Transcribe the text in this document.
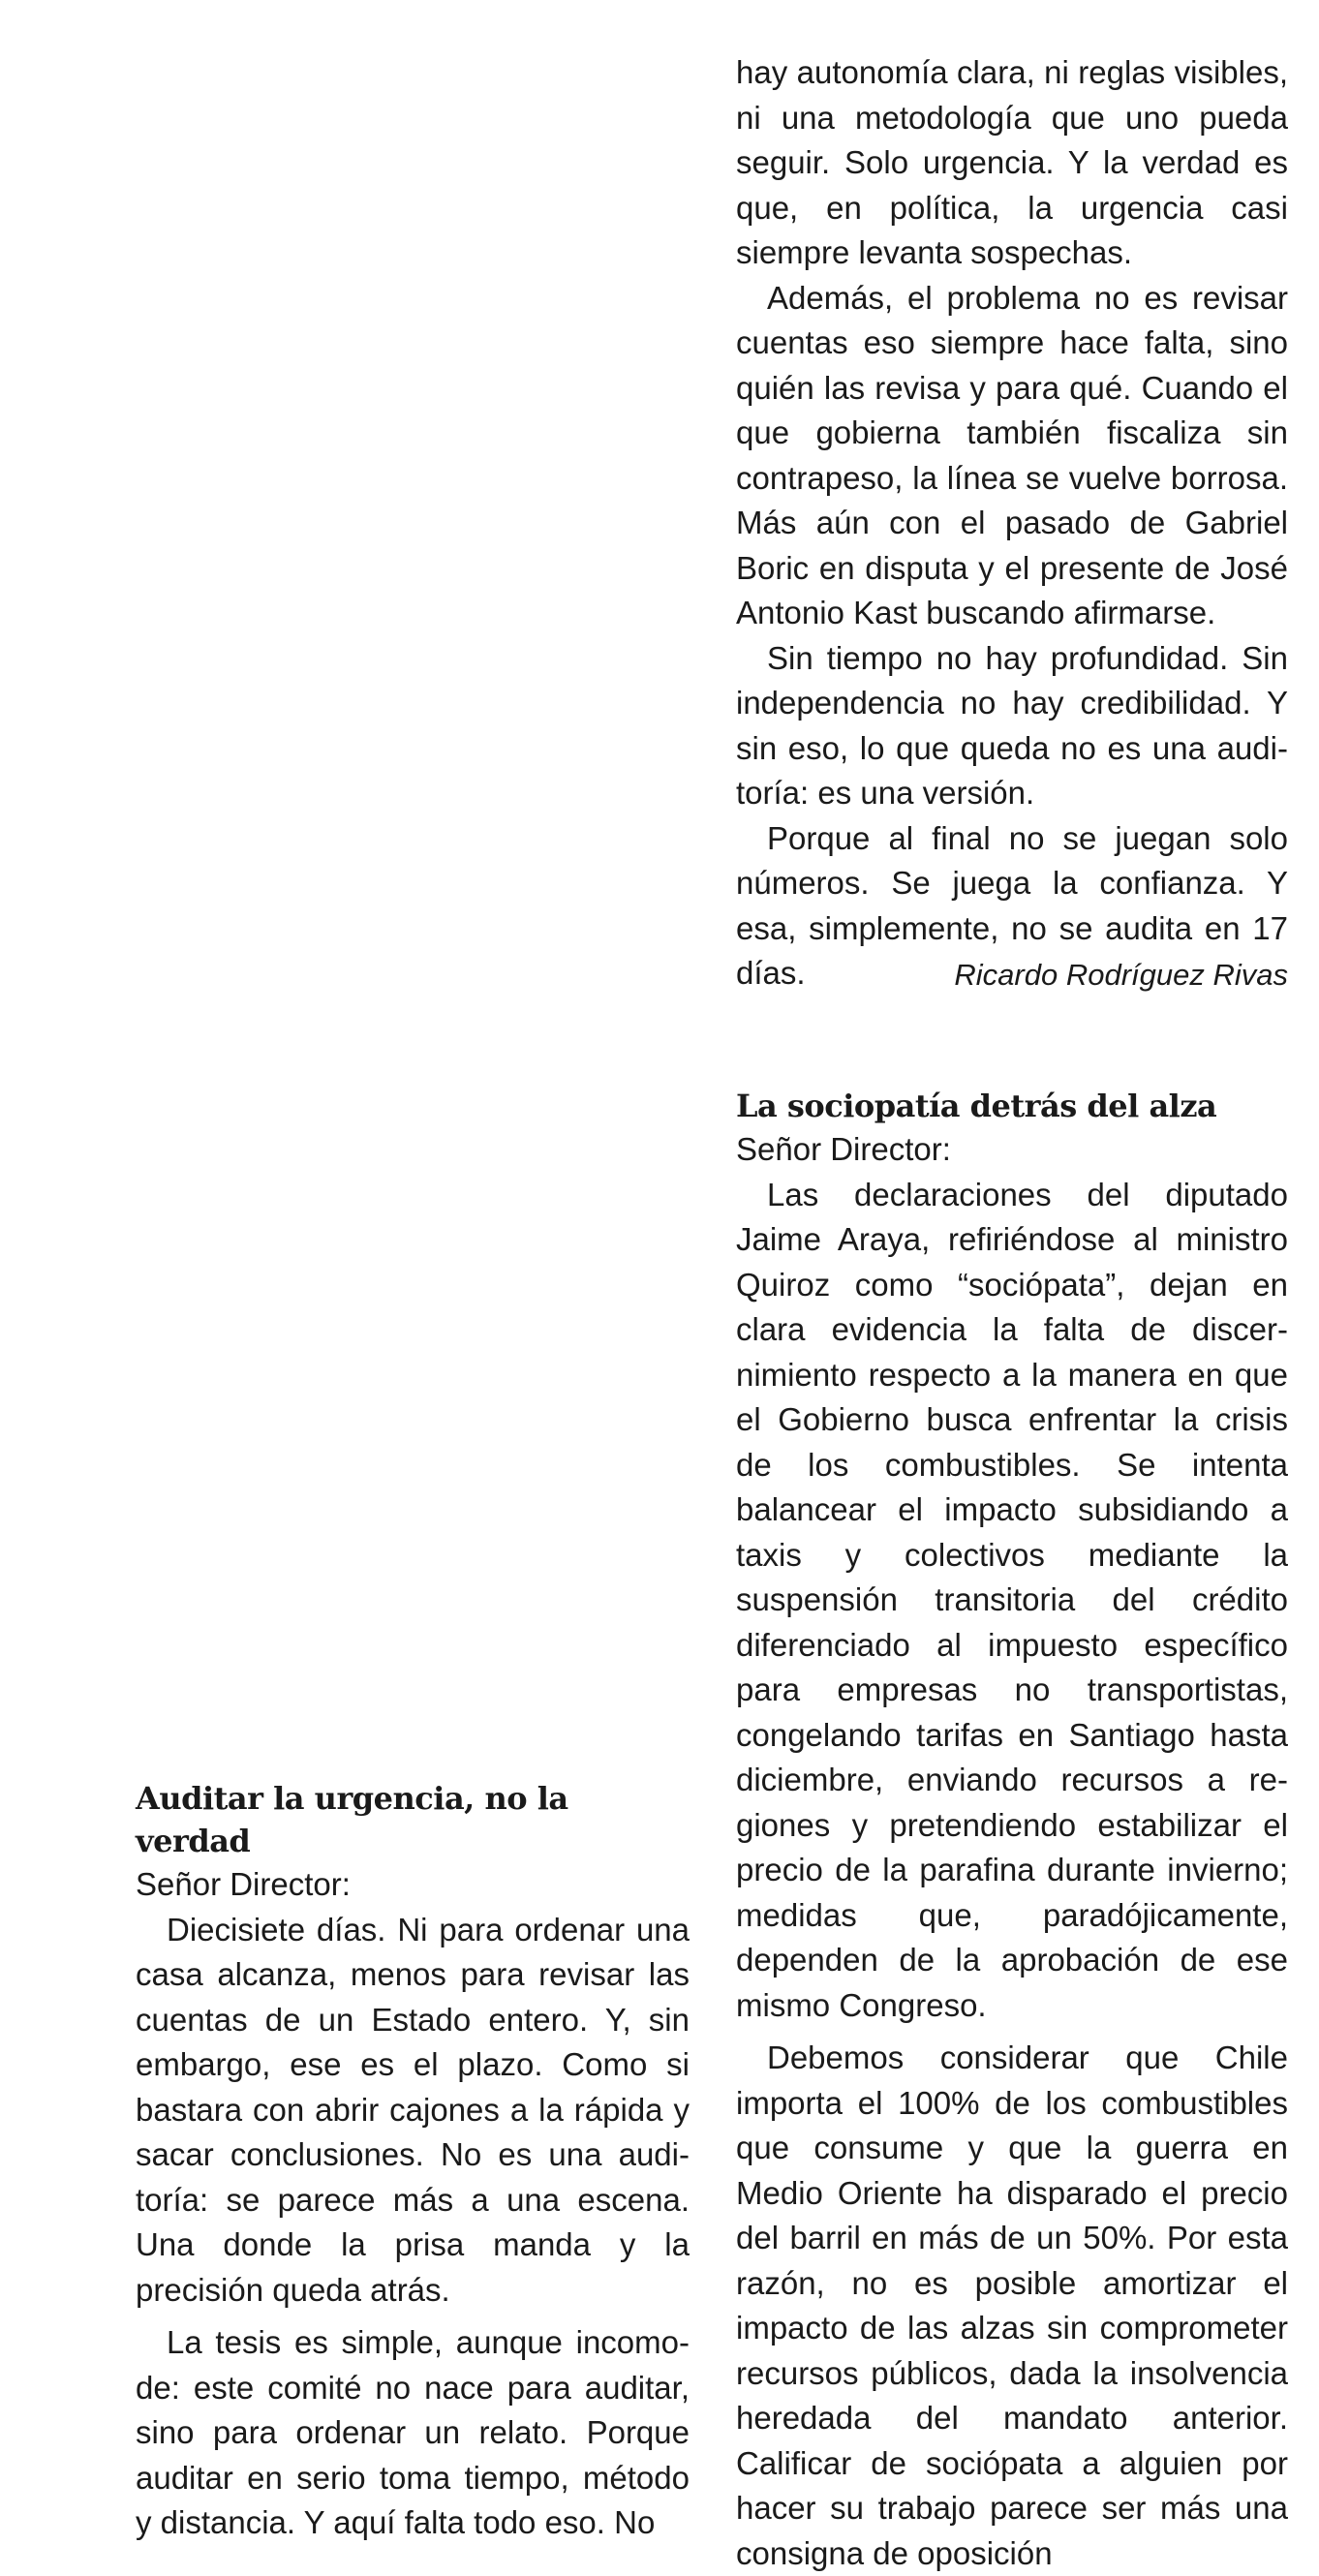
hay autonomía clara, ni reglas visibles, ni una metodología que uno pueda seguir. Solo urgencia. Y la verdad es que, en política, la urgencia casi siempre levanta sospechas.

Además, el problema no es revisar cuentas eso siempre hace falta, sino quién las revisa y para qué. Cuando el que gobierna también fiscaliza sin contrapeso, la línea se vuelve borrosa. Más aún con el pasado de Gabriel Boric en disputa y el presente de José Antonio Kast buscando afirmarse.

Sin tiempo no hay profundidad. Sin independencia no hay credibilidad. Y sin eso, lo que queda no es una auditoría: es una versión.

Porque al final no se juegan solo números. Se juega la confianza. Y esa, simplemente, no se audita en 17 días.	Ricardo Rodríguez Rivas
La sociopatía detrás del alza
Señor Director:

Las declaraciones del diputado Jaime Araya, refiriéndose al ministro Quiroz como “sociópata”, dejan en clara evidencia la falta de discernimiento respecto a la manera en que el Gobierno busca enfrentar la crisis de los combustibles. Se intenta balancear el impacto subsidiando a taxis y colectivos mediante la suspensión transitoria del crédito diferenciado al impuesto específico para empresas no transportistas, congelando tarifas en Santiago hasta diciembre, enviando recursos a regiones y pretendiendo estabilizar el precio de la parafina durante invierno; medidas que, paradójicamente, dependen de la aprobación de ese mismo Congreso.

Debemos considerar que Chile importa el 100% de los combustibles que consume y que la guerra en Medio Oriente ha disparado el precio del barril en más de un 50%. Por esta razón, no es posible amortizar el impacto de las alzas sin comprometer recursos públicos, dada la insolvencia heredada del mandato anterior. Calificar de sociópata a alguien por hacer su trabajo parece ser más una consigna de oposición

Auditar la urgencia, no la verdad
Señor Director:

Diecisiete días. Ni para ordenar una casa alcanza, menos para revisar las cuentas de un Estado entero. Y, sin embargo, ese es el plazo. Como si bastara con abrir cajones a la rápida y sacar conclusiones. No es una auditoría: se parece más a una escena. Una donde la prisa manda y la precisión queda atrás.

La tesis es simple, aunque incomode: este comité no nace para auditar, sino para ordenar un relato. Porque auditar en serio toma tiempo, método y distancia. Y aquí falta todo eso. No
